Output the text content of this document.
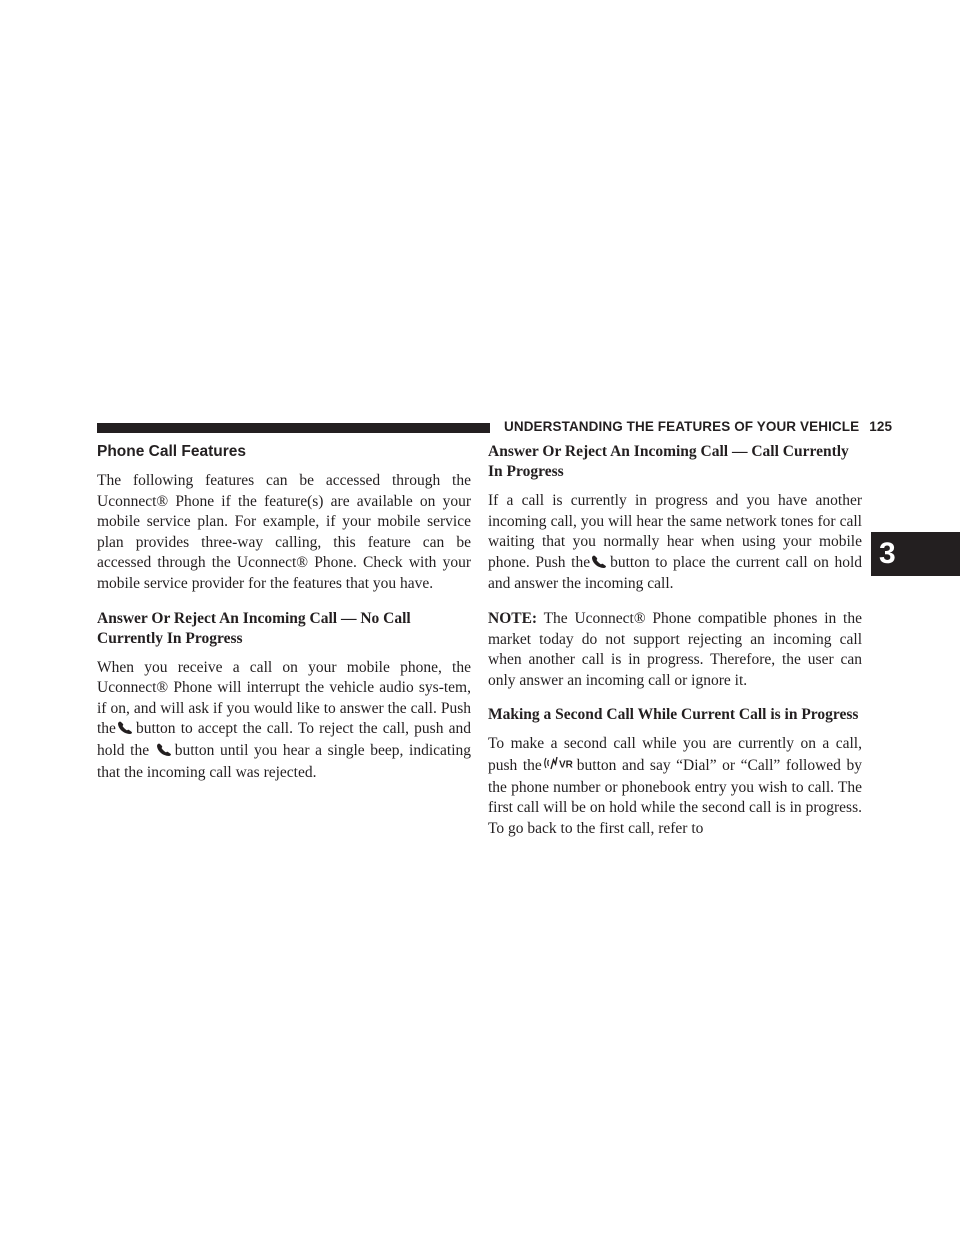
UNDERSTANDING THE FEATURES OF YOUR VEHICLE 125
3
Phone Call Features

The following features can be accessed through the Uconnect® Phone if the feature(s) are available on your mobile service plan. For example, if your mobile service plan provides three-way calling, this feature can be accessed through the Uconnect® Phone. Check with your mobile service provider for the features that you have.

Answer Or Reject An Incoming Call — No Call Currently In Progress

When you receive a call on your mobile phone, the Uconnect® Phone will interrupt the vehicle audio sys-tem, if on, and will ask if you would like to answer the call. Push the button to accept the call. To reject the call, push and hold the button until you hear a single beep, indicating that the incoming call was rejected.

Answer Or Reject An Incoming Call — Call Currently In Progress

If a call is currently in progress and you have another incoming call, you will hear the same network tones for call waiting that you normally hear when using your mobile phone. Push the button to place the current call on hold and answer the incoming call.

NOTE: The Uconnect® Phone compatible phones in the market today do not support rejecting an incoming call when another call is in progress. Therefore, the user can only answer an incoming call or ignore it.

Making a Second Call While Current Call is in Progress

To make a second call while you are currently on a call, push the VR button and say “Dial” or “Call” followed by the phone number or phonebook entry you wish to call. The first call will be on hold while the second call is in progress. To go back to the first call, refer to
